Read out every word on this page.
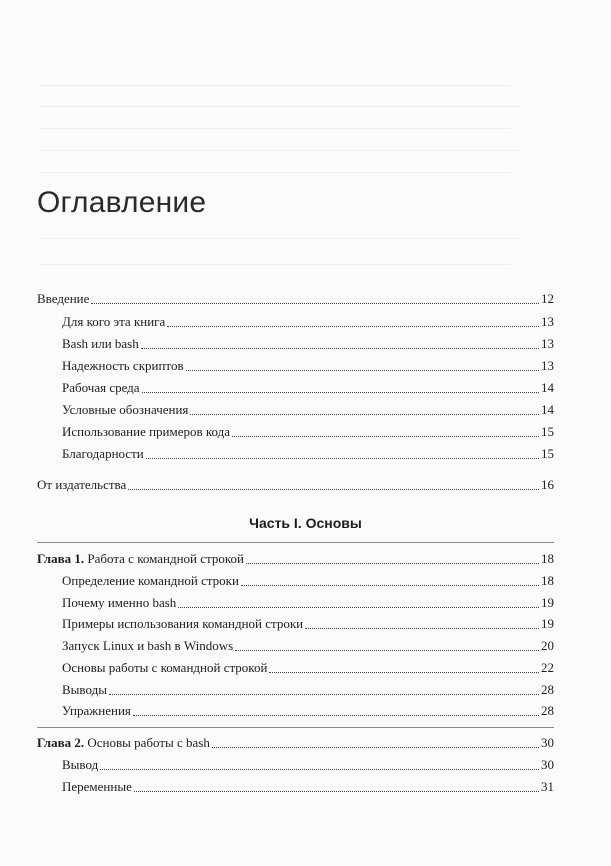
Оглавление
Введение	12
Для кого эта книга	13
Bash или bash	13
Надежность скриптов	13
Рабочая среда	14
Условные обозначения	14
Использование примеров кода	15
Благодарности	15
От издательства	16
Часть I. Основы
Глава 1. Работа с командной строкой	18
Определение командной строки	18
Почему именно bash	19
Примеры использования командной строки	19
Запуск Linux и bash в Windows	20
Основы работы с командной строкой	22
Выводы	28
Упражнения	28
Глава 2. Основы работы с bash	30
Вывод	30
Переменные	31
